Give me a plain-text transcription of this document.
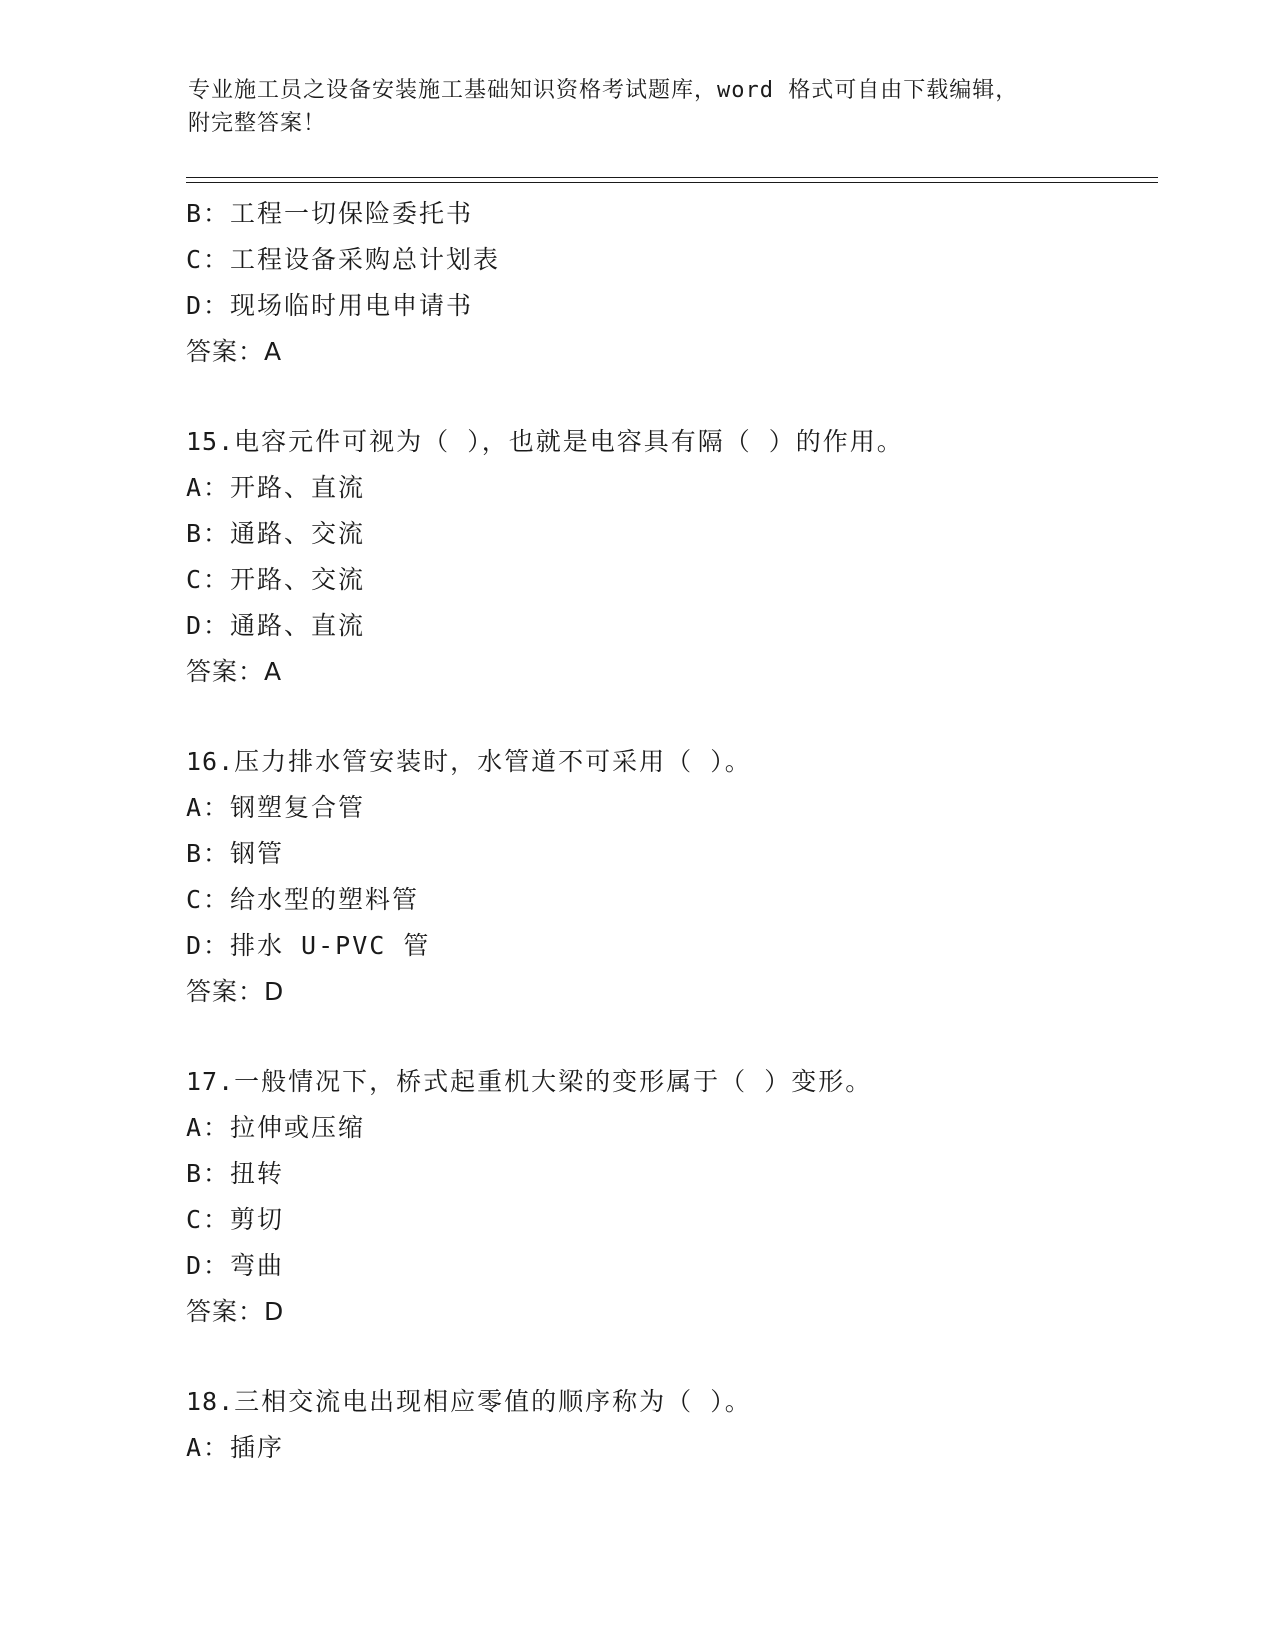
专业施工员之设备安装施工基础知识资格考试题库，word 格式可自由下载编辑，
附完整答案！
B：工程一切保险委托书
C：工程设备采购总计划表
D：现场临时用电申请书
答案：A
15.电容元件可视为（ ），也就是电容具有隔（ ）的作用。
A：开路、直流
B：通路、交流
C：开路、交流
D：通路、直流
答案：A
16.压力排水管安装时，水管道不可采用（ ）。
A：钢塑复合管
B：钢管
C：给水型的塑料管
D：排水 U-PVC 管
答案：D
17.一般情况下，桥式起重机大梁的变形属于（ ）变形。
A：拉伸或压缩
B：扭转
C：剪切
D：弯曲
答案：D
18.三相交流电出现相应零值的顺序称为（ ）。
A：插序
